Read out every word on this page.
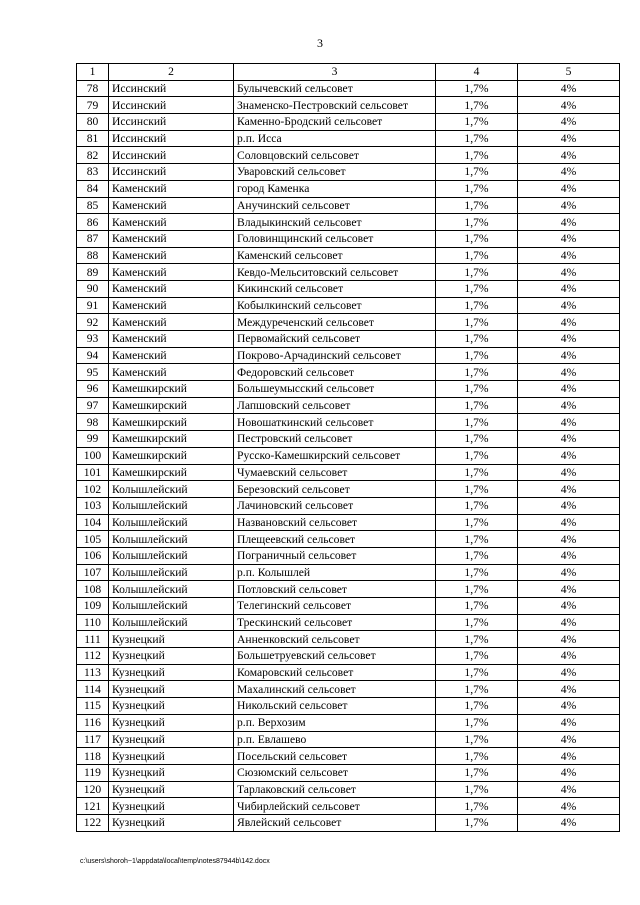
3
1	2	3	4	5
78	Иссинский	Булычевский сельсовет	1,7%	4%
79	Иссинский	Знаменско-Пестровский сельсовет	1,7%	4%
80	Иссинский	Каменно-Бродский сельсовет	1,7%	4%
81	Иссинский	р.п. Исса	1,7%	4%
82	Иссинский	Соловцовский сельсовет	1,7%	4%
83	Иссинский	Уваровский сельсовет	1,7%	4%
84	Каменский	город Каменка	1,7%	4%
85	Каменский	Анучинский сельсовет	1,7%	4%
86	Каменский	Владыкинский сельсовет	1,7%	4%
87	Каменский	Головинщинский сельсовет	1,7%	4%
88	Каменский	Каменский сельсовет	1,7%	4%
89	Каменский	Кевдо-Мельситовский сельсовет	1,7%	4%
90	Каменский	Кикинский сельсовет	1,7%	4%
91	Каменский	Кобылкинский сельсовет	1,7%	4%
92	Каменский	Междуреченский сельсовет	1,7%	4%
93	Каменский	Первомайский сельсовет	1,7%	4%
94	Каменский	Покрово-Арчадинский сельсовет	1,7%	4%
95	Каменский	Федоровский сельсовет	1,7%	4%
96	Камешкирский	Большеумысский сельсовет	1,7%	4%
97	Камешкирский	Лапшовский сельсовет	1,7%	4%
98	Камешкирский	Новошаткинский сельсовет	1,7%	4%
99	Камешкирский	Пестровский сельсовет	1,7%	4%
100	Камешкирский	Русско-Камешкирский сельсовет	1,7%	4%
101	Камешкирский	Чумаевский сельсовет	1,7%	4%
102	Колышлейский	Березовский сельсовет	1,7%	4%
103	Колышлейский	Лачиновский сельсовет	1,7%	4%
104	Колышлейский	Названовский сельсовет	1,7%	4%
105	Колышлейский	Плещеевский сельсовет	1,7%	4%
106	Колышлейский	Пограничный сельсовет	1,7%	4%
107	Колышлейский	р.п. Колышлей	1,7%	4%
108	Колышлейский	Потловский сельсовет	1,7%	4%
109	Колышлейский	Телегинский сельсовет	1,7%	4%
110	Колышлейский	Трескинский сельсовет	1,7%	4%
111	Кузнецкий	Анненковский сельсовет	1,7%	4%
112	Кузнецкий	Большетруевский сельсовет	1,7%	4%
113	Кузнецкий	Комаровский сельсовет	1,7%	4%
114	Кузнецкий	Махалинский сельсовет	1,7%	4%
115	Кузнецкий	Никольский сельсовет	1,7%	4%
116	Кузнецкий	р.п. Верхозим	1,7%	4%
117	Кузнецкий	р.п. Евлашево	1,7%	4%
118	Кузнецкий	Посельский сельсовет	1,7%	4%
119	Кузнецкий	Сюзюмский сельсовет	1,7%	4%
120	Кузнецкий	Тарлаковский сельсовет	1,7%	4%
121	Кузнецкий	Чибирлейский сельсовет	1,7%	4%
122	Кузнецкий	Явлейский сельсовет	1,7%	4%
c:\users\shoroh~1\appdata\local\temp\notes87944b\142.docx
